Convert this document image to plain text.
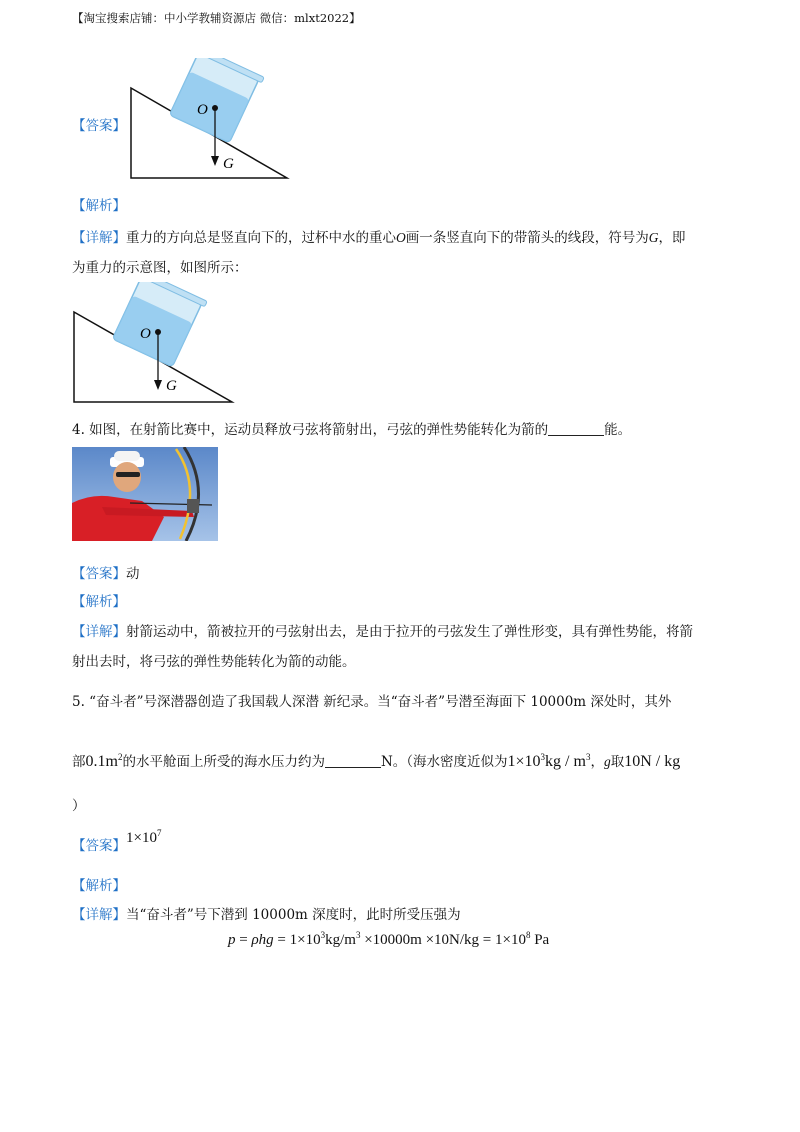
【淘宝搜索店铺：中小学教辅资源店 微信：mlxt2022】
【答案】
O
G
【解析】
【详解】重力的方向总是竖直向下的，过杯中水的重心O画一条竖直向下的带箭头的线段，符号为G，即
为重力的示意图，如图所示：
O
G
4. 如图，在射箭比赛中，运动员释放弓弦将箭射出，弓弦的弹性势能转化为箭的	能。
【答案】动
【解析】
【详解】射箭运动中，箭被拉开的弓弦射出去，是由于拉开的弓弦发生了弹性形变，具有弹性势能，将箭
射出去时，将弓弦的弹性势能转化为箭的动能。
5. “奋斗者”号深潜器创造了我国载人深潜 新纪录。当“奋斗者”号潜至海面下 10000m 深处时，其外
部$0.1m^2$的水平舱面上所受的海水压力约为	N。（海水密度近似为$1\times 10^3kg / m^3$，g取10N / kg
）
【答案】$1\times 10^7$
【解析】
【详解】当“奋斗者”号下潜到 10000m 深度时，此时所受压强为
$p = \rho hg = 1\times 10^3kg/m^3 \times 10000m \times 10N/kg = 1\times 10^8$ Pa
